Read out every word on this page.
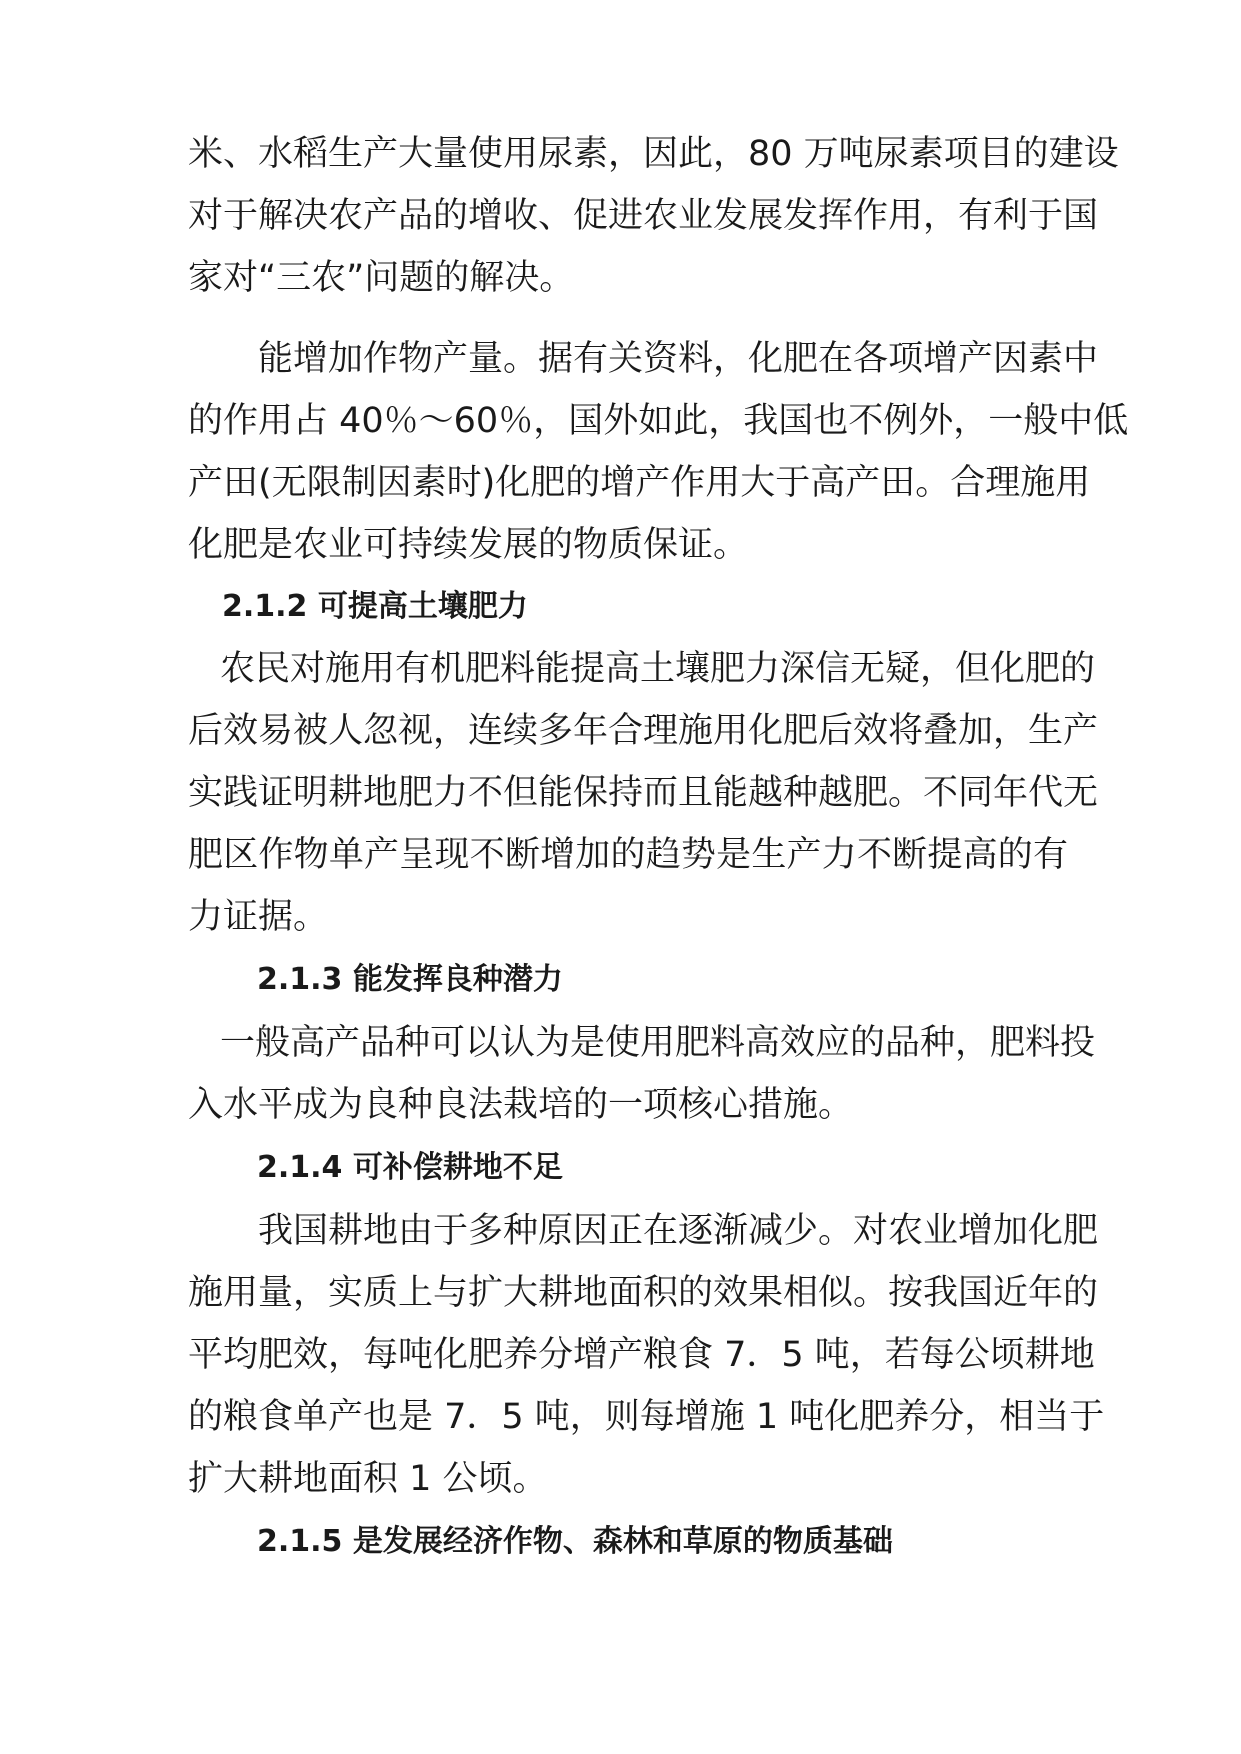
米、水稻生产大量使用尿素，因此，80 万吨尿素项目的建设
对于解决农产品的增收、促进农业发展发挥作用，有利于国
家对“三农”问题的解决。
能增加作物产量。据有关资料，化肥在各项增产因素中
的作用占 40％～60％，国外如此，我国也不例外，一般中低
产田(无限制因素时)化肥的增产作用大于高产田。合理施用
化肥是农业可持续发展的物质保证。
2.1.2 可提高土壤肥力
农民对施用有机肥料能提高土壤肥力深信无疑，但化肥的
后效易被人忽视，连续多年合理施用化肥后效将叠加，生产
实践证明耕地肥力不但能保持而且能越种越肥。不同年代无
肥区作物单产呈现不断增加的趋势是生产力不断提高的有
力证据。
2.1.3 能发挥良种潜力
一般高产品种可以认为是使用肥料高效应的品种，肥料投
入水平成为良种良法栽培的一项核心措施。
2.1.4 可补偿耕地不足
我国耕地由于多种原因正在逐渐减少。对农业增加化肥
施用量，实质上与扩大耕地面积的效果相似。按我国近年的
平均肥效，每吨化肥养分增产粮食 7．5 吨，若每公顷耕地
的粮食单产也是 7．5 吨，则每增施 1 吨化肥养分，相当于
扩大耕地面积 1 公顷。
2.1.5 是发展经济作物、森林和草原的物质基础
